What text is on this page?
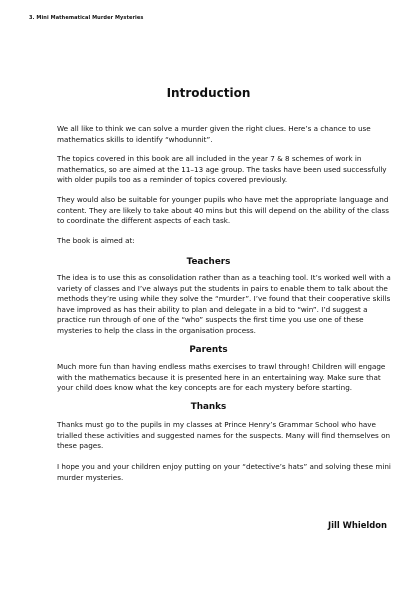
3. Mini Mathematical Murder Mysteries
Introduction

We all like to think we can solve a murder given the right clues. Here’s a chance to use mathematics skills to identify “whodunnit”.

The topics covered in this book are all included in the year 7 & 8 schemes of work in mathematics, so are aimed at the 11–13 age group. The tasks have been used successfully with older pupils too as a reminder of topics covered previously.

They would also be suitable for younger pupils who have met the appropriate language and content. They are likely to take about 40 mins but this will depend on the ability of the class to coordinate the different aspects of each task.

The book is aimed at:

Teachers

The idea is to use this as consolidation rather than as a teaching tool. It’s worked well with a variety of classes and I’ve always put the students in pairs to enable them to talk about the methods they’re using while they solve the “murder”. I’ve found that their cooperative skills have improved as has their ability to plan and delegate in a bid to “win”. I’d suggest a practice run through of one of the “who” suspects the first time you use one of these mysteries to help the class in the organisation process.

Parents

Much more fun than having endless maths exercises to trawl through! Children will engage with the mathematics because it is presented here in an entertaining way. Make sure that your child does know what the key concepts are for each mystery before starting.

Thanks

Thanks must go to the pupils in my classes at Prince Henry’s Grammar School who have trialled these activities and suggested names for the suspects. Many will find themselves on these pages.

I hope you and your children enjoy putting on your “detective’s hats” and solving these mini murder mysteries.

Jill Whieldon
